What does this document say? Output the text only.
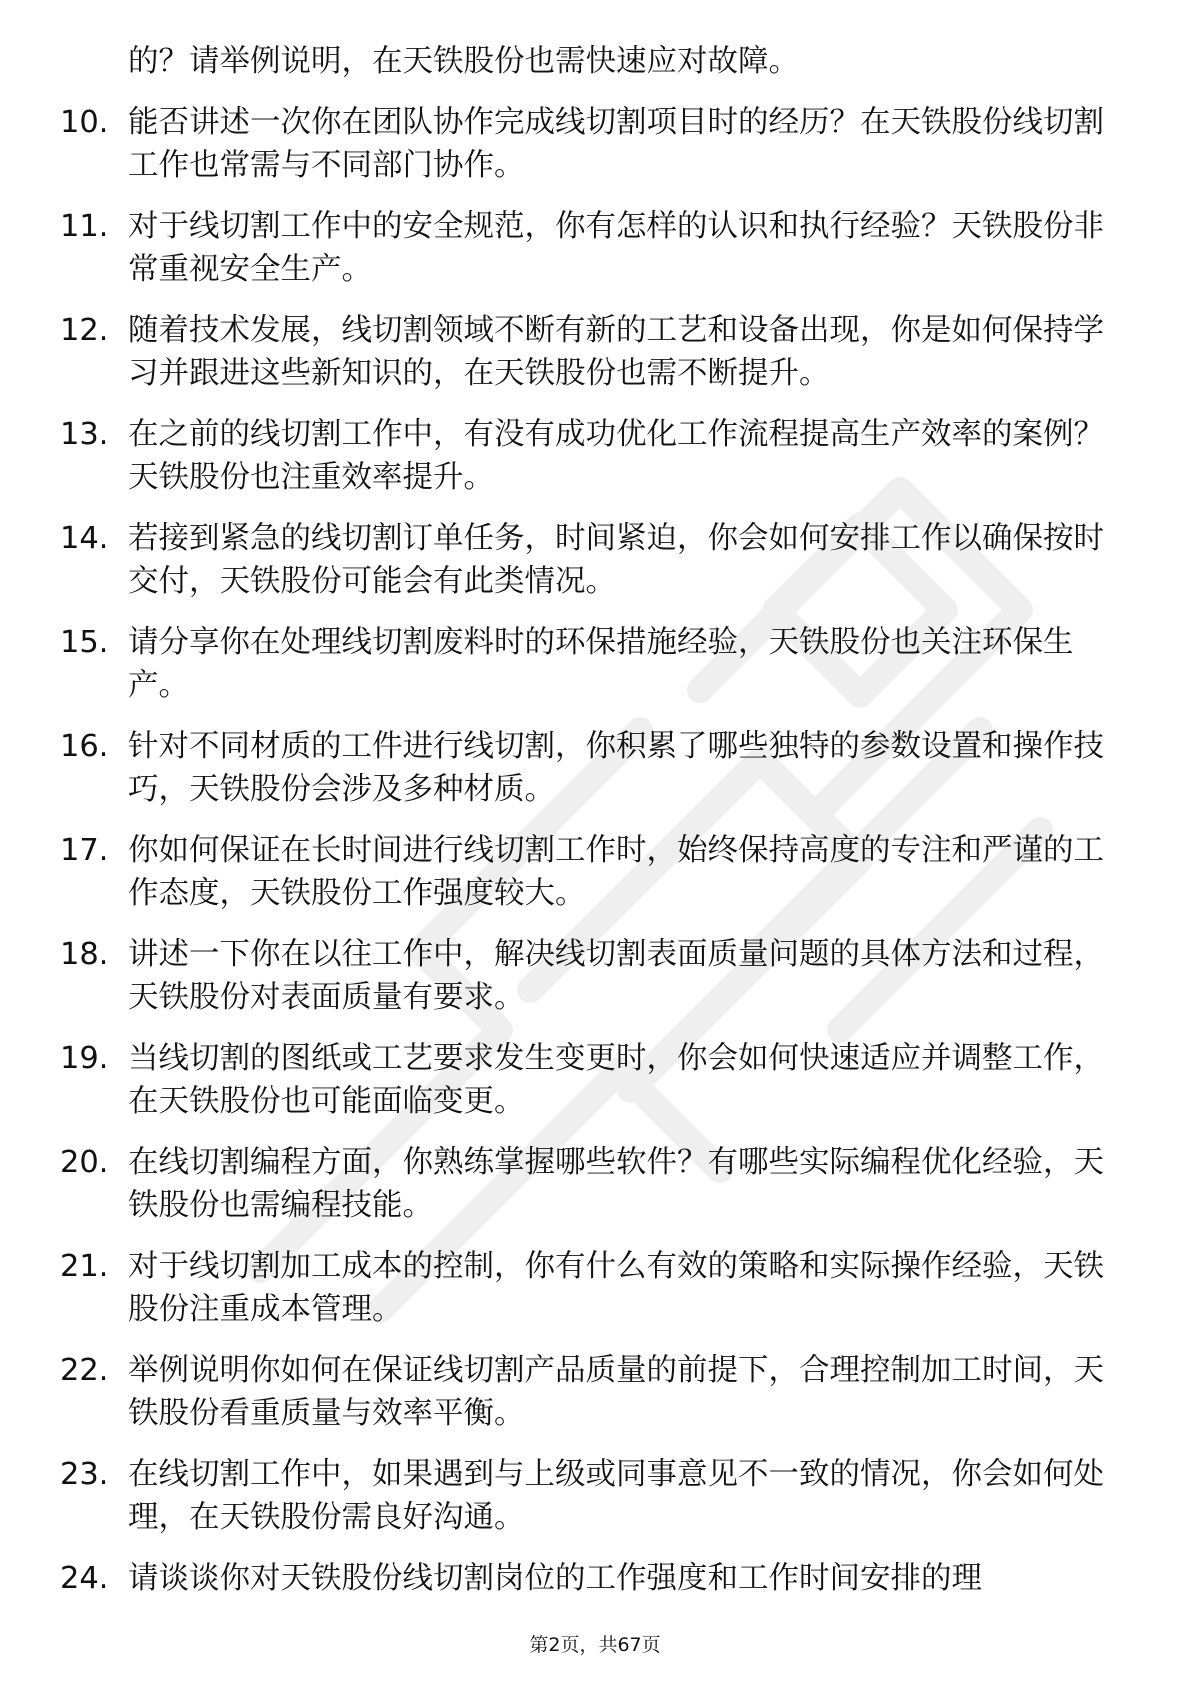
的？请举例说明，在天铁股份也需快速应对故障。
10. 能否讲述一次你在团队协作完成线切割项目时的经历？在天铁股份线切割工作也常需与不同部门协作。
11. 对于线切割工作中的安全规范，你有怎样的认识和执行经验？天铁股份非常重视安全生产。
12. 随着技术发展，线切割领域不断有新的工艺和设备出现，你是如何保持学习并跟进这些新知识的，在天铁股份也需不断提升。
13. 在之前的线切割工作中，有没有成功优化工作流程提高生产效率的案例？天铁股份也注重效率提升。
14. 若接到紧急的线切割订单任务，时间紧迫，你会如何安排工作以确保按时交付，天铁股份可能会有此类情况。
15. 请分享你在处理线切割废料时的环保措施经验，天铁股份也关注环保生产。
16. 针对不同材质的工件进行线切割，你积累了哪些独特的参数设置和操作技巧，天铁股份会涉及多种材质。
17. 你如何保证在长时间进行线切割工作时，始终保持高度的专注和严谨的工作态度，天铁股份工作强度较大。
18. 讲述一下你在以往工作中，解决线切割表面质量问题的具体方法和过程，天铁股份对表面质量有要求。
19. 当线切割的图纸或工艺要求发生变更时，你会如何快速适应并调整工作，在天铁股份也可能面临变更。
20. 在线切割编程方面，你熟练掌握哪些软件？有哪些实际编程优化经验，天铁股份也需编程技能。
21. 对于线切割加工成本的控制，你有什么有效的策略和实际操作经验，天铁股份注重成本管理。
22. 举例说明你如何在保证线切割产品质量的前提下，合理控制加工时间，天铁股份看重质量与效率平衡。
23. 在线切割工作中，如果遇到与上级或同事意见不一致的情况，你会如何处理，在天铁股份需良好沟通。
24. 请谈谈你对天铁股份线切割岗位的工作强度和工作时间安排的理
第2页，共67页
